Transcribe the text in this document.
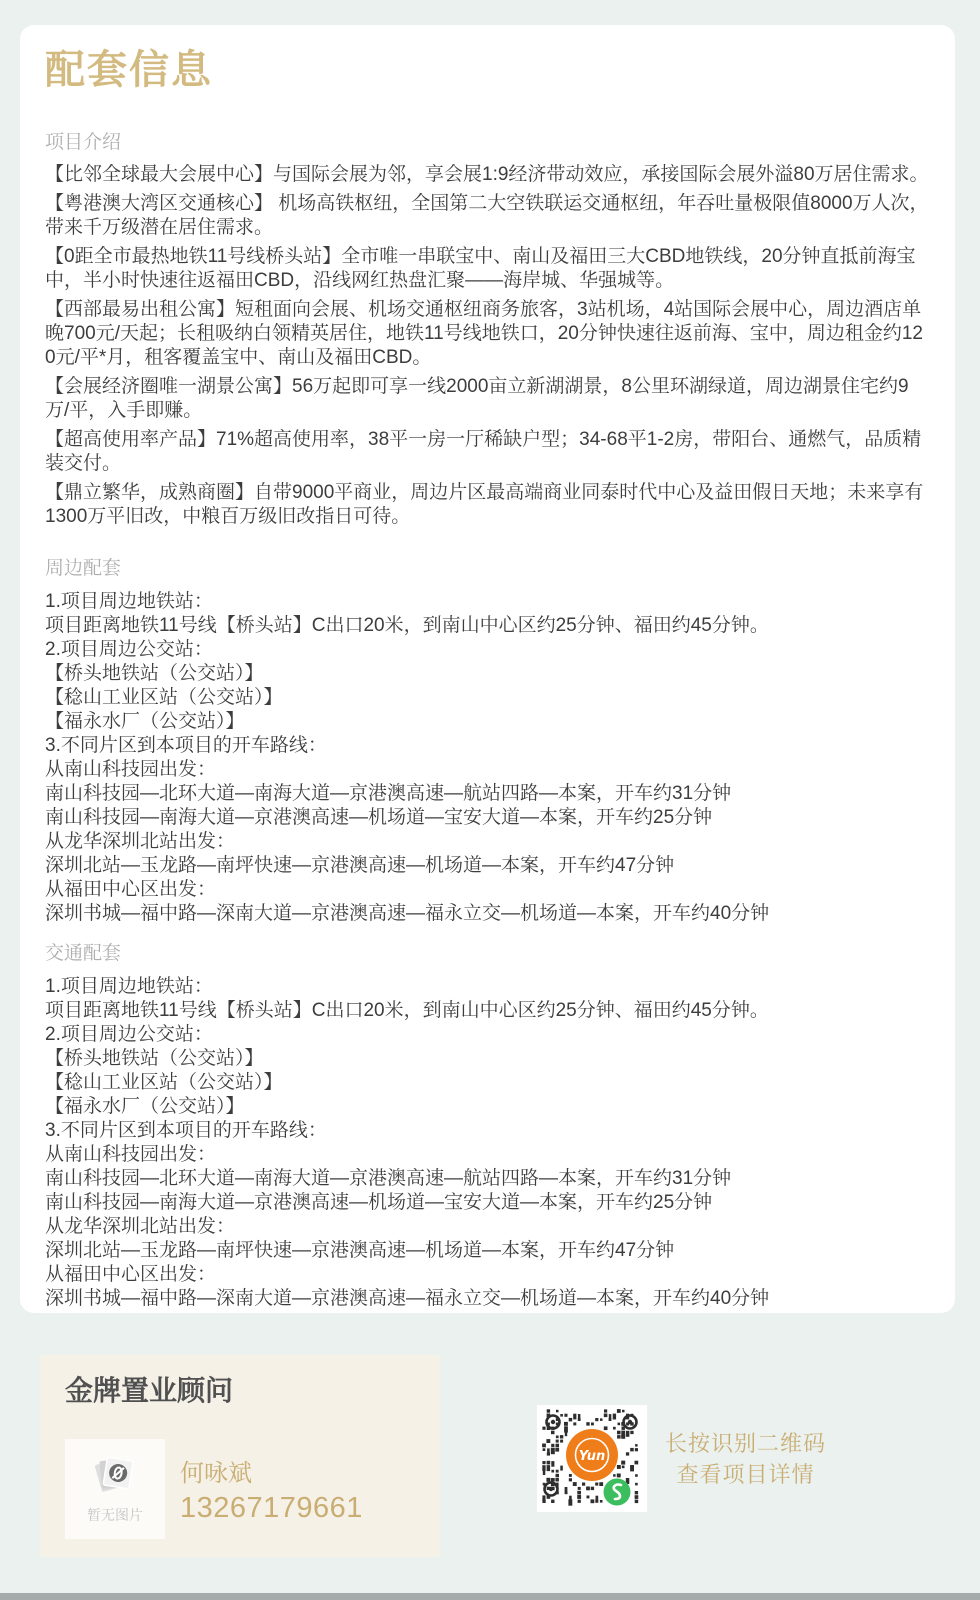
配套信息
项目介绍
【比邻全球最大会展中心】与国际会展为邻，享会展1:9经济带动效应，承接国际会展外溢80万居住需求。
【粤港澳大湾区交通核心】 机场高铁枢纽，全国第二大空铁联运交通枢纽，年吞吐量极限值8000万人次，带来千万级潜在居住需求。
【0距全市最热地铁11号线桥头站】全市唯一串联宝中、南山及福田三大CBD地铁线，20分钟直抵前海宝中，半小时快速往返福田CBD，沿线网红热盘汇聚——海岸城、华强城等。
【西部最易出租公寓】短租面向会展、机场交通枢纽商务旅客，3站机场，4站国际会展中心，周边酒店单晚700元/天起；长租吸纳白领精英居住，地铁11号线地铁口，20分钟快速往返前海、宝中，周边租金约120元/平*月，租客覆盖宝中、南山及福田CBD。
【会展经济圈唯一湖景公寓】56万起即可享一线2000亩立新湖湖景，8公里环湖绿道，周边湖景住宅约9万/平，入手即赚。
【超高使用率产品】71%超高使用率，38平一房一厅稀缺户型；34-68平1-2房，带阳台、通燃气，品质精装交付。
【鼎立繁华，成熟商圈】自带9000平商业，周边片区最高端商业同泰时代中心及益田假日天地；未来享有1300万平旧改，中粮百万级旧改指日可待。
周边配套
1.项目周边地铁站：
项目距离地铁11号线【桥头站】C出口20米，到南山中心区约25分钟、福田约45分钟。
2.项目周边公交站：
【桥头地铁站（公交站）】
【稔山工业区站（公交站）】
【福永水厂（公交站）】
3.不同片区到本项目的开车路线：
从南山科技园出发：
南山科技园—北环大道—南海大道—京港澳高速—航站四路—本案，开车约31分钟
南山科技园—南海大道—京港澳高速—机场道—宝安大道—本案，开车约25分钟
从龙华深圳北站出发：
深圳北站—玉龙路—南坪快速—京港澳高速—机场道—本案，开车约47分钟
从福田中心区出发：
深圳书城—福中路—深南大道—京港澳高速—福永立交—机场道—本案，开车约40分钟
交通配套
1.项目周边地铁站：
项目距离地铁11号线【桥头站】C出口20米，到南山中心区约25分钟、福田约45分钟。
2.项目周边公交站：
【桥头地铁站（公交站）】
【稔山工业区站（公交站）】
【福永水厂（公交站）】
3.不同片区到本项目的开车路线：
从南山科技园出发：
南山科技园—北环大道—南海大道—京港澳高速—航站四路—本案，开车约31分钟
南山科技园—南海大道—京港澳高速—机场道—宝安大道—本案，开车约25分钟
从龙华深圳北站出发：
深圳北站—玉龙路—南坪快速—京港澳高速—机场道—本案，开车约47分钟
从福田中心区出发：
深圳书城—福中路—深南大道—京港澳高速—福永立交—机场道—本案，开车约40分钟
金牌置业顾问
暂无图片
何咏斌
13267179661
Yun
长按识别二维码
查看项目详情
